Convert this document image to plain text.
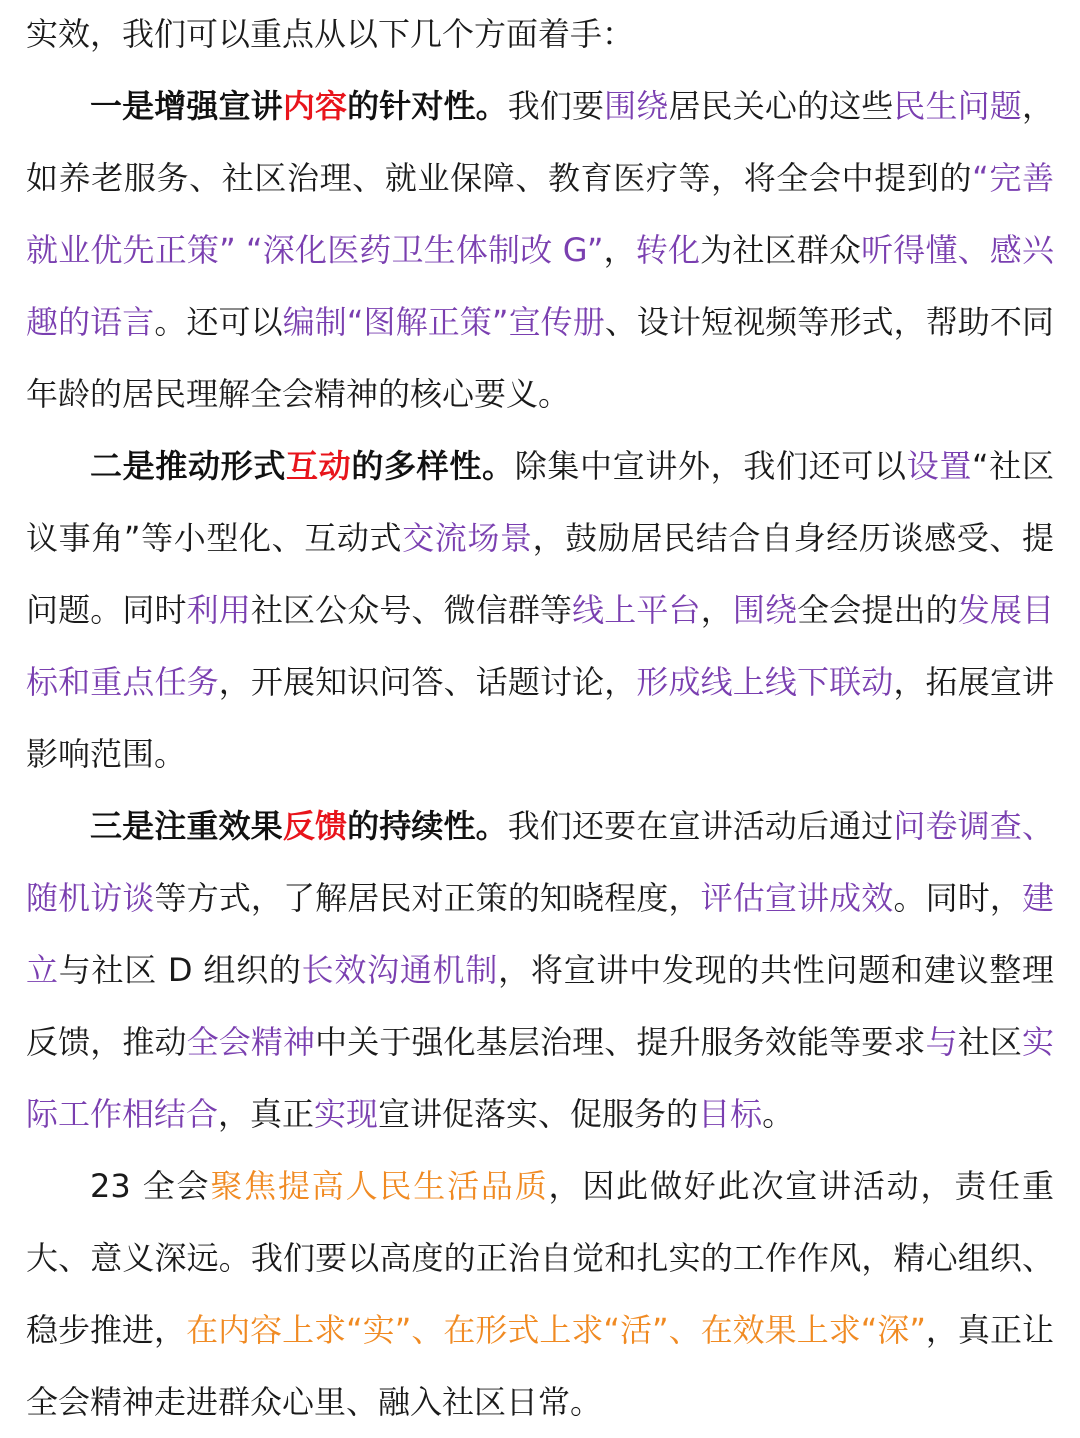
实效，我们可以重点从以下几个方面着手：

一是增强宣讲内容的针对性。我们要围绕居民关心的这些民生问题，如养老服务、社区治理、就业保障、教育医疗等，将全会中提到的“完善就业优先正策” “深化医药卫生体制改 G”，转化为社区群众听得懂、感兴趣的语言。还可以编制“图解正策”宣传册、设计短视频等形式，帮助不同年龄的居民理解全会精神的核心要义。

二是推动形式互动的多样性。除集中宣讲外，我们还可以设置“社区议事角”等小型化、互动式交流场景，鼓励居民结合自身经历谈感受、提问题。同时利用社区公众号、微信群等线上平台，围绕全会提出的发展目标和重点任务，开展知识问答、话题讨论，形成线上线下联动，拓展宣讲影响范围。

三是注重效果反馈的持续性。我们还要在宣讲活动后通过问卷调查、随机访谈等方式，了解居民对正策的知晓程度，评估宣讲成效。同时，建立与社区 D 组织的长效沟通机制，将宣讲中发现的共性问题和建议整理反馈，推动全会精神中关于强化基层治理、提升服务效能等要求与社区实际工作相结合，真正实现宣讲促落实、促服务的目标。

23 全会聚焦提高人民生活品质，因此做好此次宣讲活动，责任重大、意义深远。我们要以高度的正治自觉和扎实的工作作风，精心组织、稳步推进，在内容上求“实”、在形式上求“活”、在效果上求“深”，真正让全会精神走进群众心里、融入社区日常。
